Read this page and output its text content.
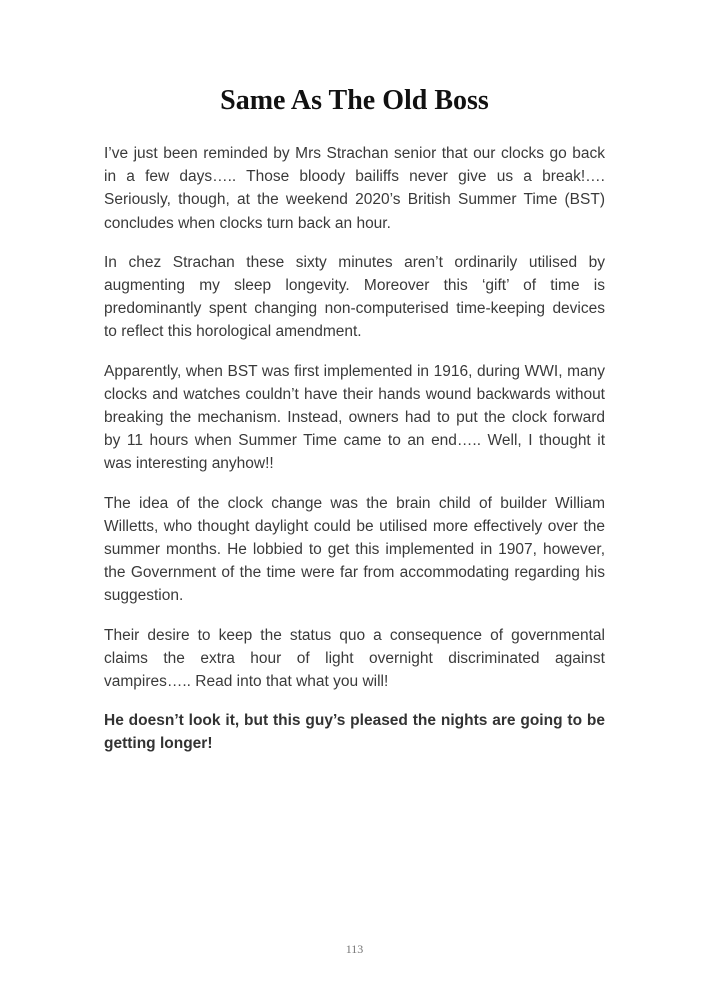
Same As The Old Boss

I’ve just been reminded by Mrs Strachan senior that our clocks go back in a few days….. Those bloody bailiffs never give us a break!…. Seriously, though, at the weekend 2020’s British Summer Time (BST) concludes when clocks turn back an hour.

In chez Strachan these sixty minutes aren’t ordinarily utilised by augmenting my sleep longevity. Moreover this ‘gift’ of time is predominantly spent changing non-computerised time-keeping devices to reflect this horological amendment.

Apparently, when BST was first implemented in 1916, during WWI, many clocks and watches couldn’t have their hands wound backwards without breaking the mechanism. Instead, owners had to put the clock forward by 11 hours when Summer Time came to an end….. Well, I thought it was interesting anyhow!!

The idea of the clock change was the brain child of builder William Willetts, who thought daylight could be utilised more effectively over the summer months. He lobbied to get this implemented in 1907, however, the Government of the time were far from accommodating regarding his suggestion.

Their desire to keep the status quo a consequence of governmental claims the extra hour of light overnight discriminated against vampires….. Read into that what you will!

He doesn’t look it, but this guy’s pleased the nights are going to be getting longer!

113
